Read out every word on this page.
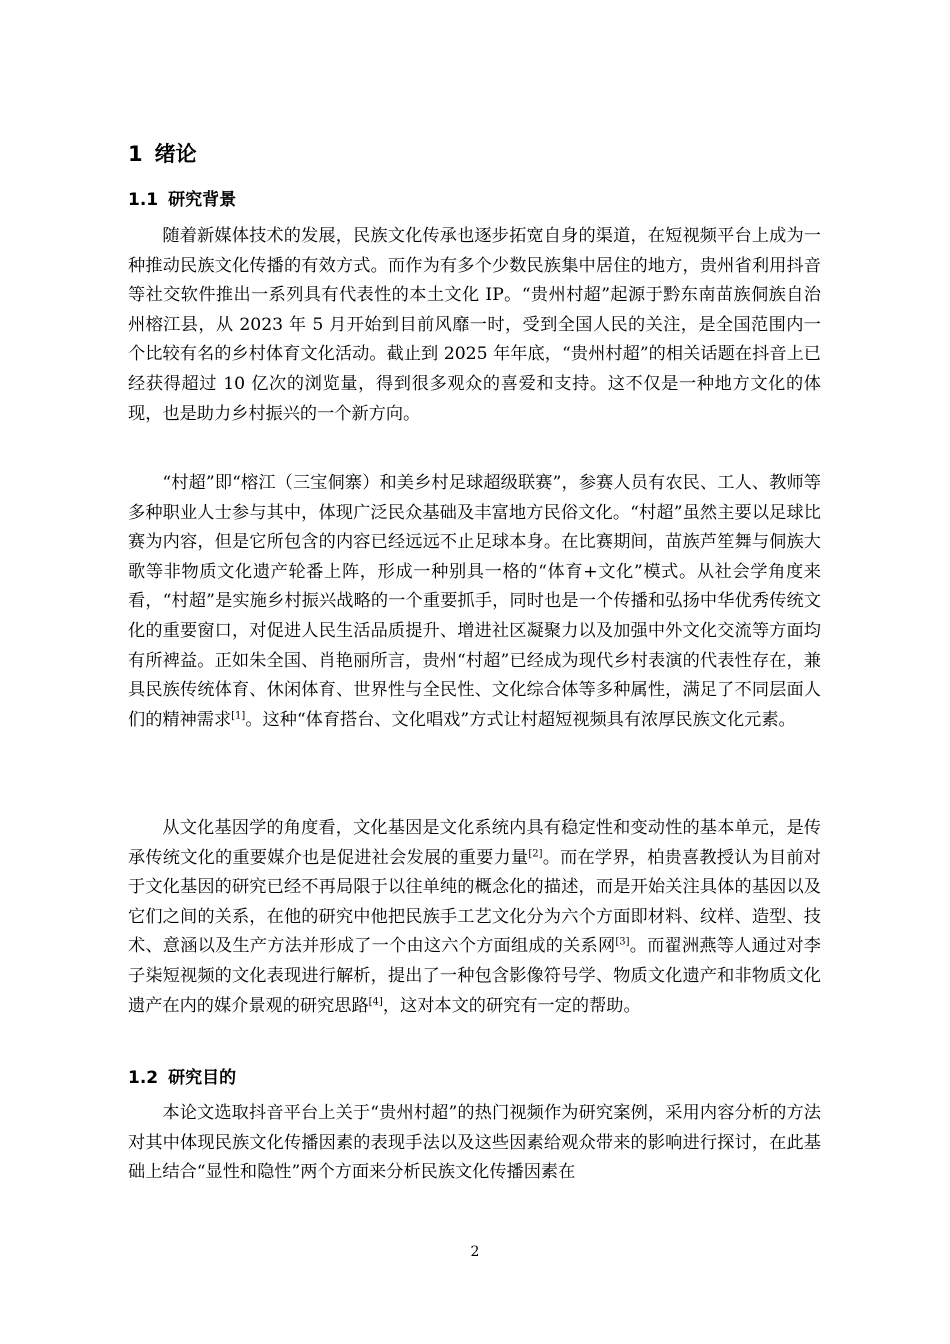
1 绪论
1.1 研究背景

随着新媒体技术的发展，民族文化传承也逐步拓宽自身的渠道，在短视频平台上成为一种推动民族文化传播的有效方式。而作为有多个少数民族集中居住的地方，贵州省利用抖音等社交软件推出一系列具有代表性的本土文化 IP。“贵州村超”起源于黔东南苗族侗族自治州榕江县，从 2023 年 5 月开始到目前风靡一时，受到全国人民的关注，是全国范围内一个比较有名的乡村体育文化活动。截止到 2025 年年底，“贵州村超”的相关话题在抖音上已经获得超过 10 亿次的浏览量，得到很多观众的喜爱和支持。这不仅是一种地方文化的体现，也是助力乡村振兴的一个新方向。

“村超”即“榕江（三宝侗寨）和美乡村足球超级联赛”，参赛人员有农民、工人、教师等多种职业人士参与其中，体现广泛民众基础及丰富地方民俗文化。“村超”虽然主要以足球比赛为内容，但是它所包含的内容已经远远不止足球本身。在比赛期间，苗族芦笙舞与侗族大歌等非物质文化遗产轮番上阵，形成一种别具一格的“体育+文化”模式。从社会学角度来看，“村超”是实施乡村振兴战略的一个重要抓手，同时也是一个传播和弘扬中华优秀传统文化的重要窗口，对促进人民生活品质提升、增进社区凝聚力以及加强中外文化交流等方面均有所裨益。正如朱全国、肖艳丽所言，贵州“村超”已经成为现代乡村表演的代表性存在，兼具民族传统体育、休闲体育、世界性与全民性、文化综合体等多种属性，满足了不同层面人们的精神需求[1]。这种“体育搭台、文化唱戏”方式让村超短视频具有浓厚民族文化元素。

从文化基因学的角度看，文化基因是文化系统内具有稳定性和变动性的基本单元，是传承传统文化的重要媒介也是促进社会发展的重要力量[2]。而在学界，柏贵喜教授认为目前对于文化基因的研究已经不再局限于以往单纯的概念化的描述，而是开始关注具体的基因以及它们之间的关系，在他的研究中他把民族手工艺文化分为六个方面即材料、纹样、造型、技术、意涵以及生产方法并形成了一个由这六个方面组成的关系网[3]。而翟洲燕等人通过对李子柒短视频的文化表现进行解析，提出了一种包含影像符号学、物质文化遗产和非物质文化遗产在内的媒介景观的研究思路[4]，这对本文的研究有一定的帮助。

1.2 研究目的

本论文选取抖音平台上关于“贵州村超”的热门视频作为研究案例，采用内容分析的方法对其中体现民族文化传播因素的表现手法以及这些因素给观众带来的影响进行探讨，在此基础上结合“显性和隐性”两个方面来分析民族文化传播因素在

2
